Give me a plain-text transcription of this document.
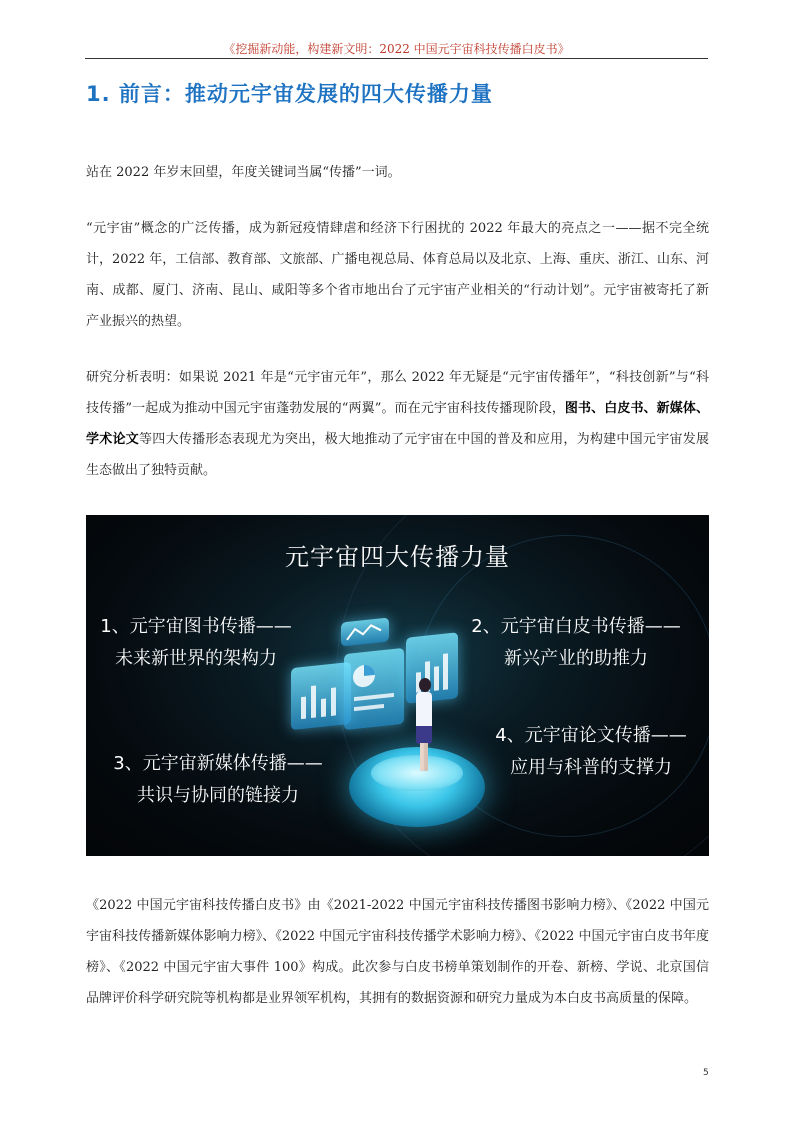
《挖掘新动能，构建新文明：2022 中国元宇宙科技传播白皮书》
1. 前言：推动元宇宙发展的四大传播力量

站在 2022 年岁末回望，年度关键词当属“传播”一词。

“元宇宙”概念的广泛传播，成为新冠疫情肆虐和经济下行困扰的 2022 年最大的亮点之一——据不完全统计，2022 年，工信部、教育部、文旅部、广播电视总局、体育总局以及北京、上海、重庆、浙江、山东、河南、成都、厦门、济南、昆山、咸阳等多个省市地出台了元宇宙产业相关的“行动计划”。元宇宙被寄托了新产业振兴的热望。

研究分析表明：如果说 2021 年是“元宇宙元年”，那么 2022 年无疑是“元宇宙传播年”，“科技创新”与“科技传播”一起成为推动中国元宇宙蓬勃发展的“两翼”。而在元宇宙科技传播现阶段，图书、白皮书、新媒体、学术论文等四大传播形态表现尤为突出，极大地推动了元宇宙在中国的普及和应用，为构建中国元宇宙发展生态做出了独特贡献。

元宇宙四大传播力量
1、元宇宙图书传播——
未来新世界的架构力
2、元宇宙白皮书传播——
新兴产业的助推力
3、元宇宙新媒体传播——
共识与协同的链接力
4、元宇宙论文传播——
应用与科普的支撑力

《2022 中国元宇宙科技传播白皮书》由《2021-2022 中国元宇宙科技传播图书影响力榜》、《2022 中国元宇宙科技传播新媒体影响力榜》、《2022 中国元宇宙科技传播学术影响力榜》、《2022 中国元宇宙白皮书年度榜》、《2022 中国元宇宙大事件 100》构成。此次参与白皮书榜单策划制作的开卷、新榜、学说、北京国信品牌评价科学研究院等机构都是业界领军机构，其拥有的数据资源和研究力量成为本白皮书高质量的保障。

5
